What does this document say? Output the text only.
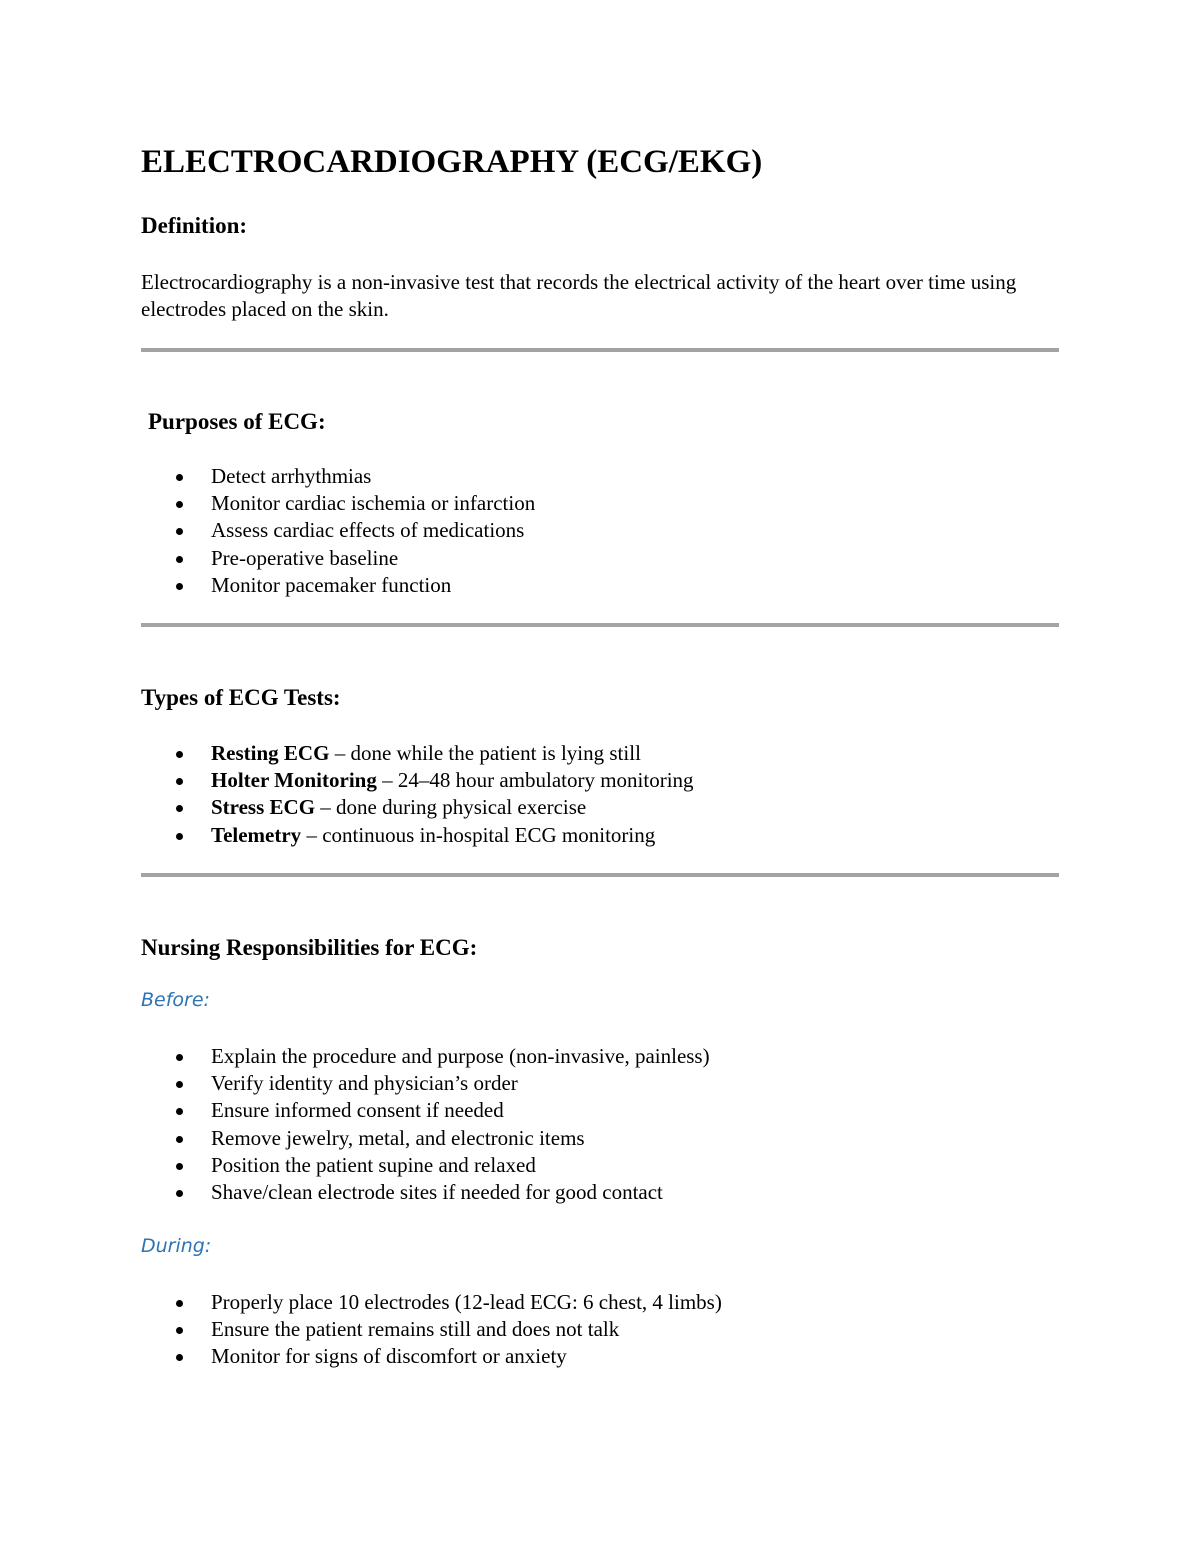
ELECTROCARDIOGRAPHY (ECG/EKG)
Definition:

Electrocardiography is a non-invasive test that records the electrical activity of the heart over time using electrodes placed on the skin.

Purposes of ECG:
Detect arrhythmias
Monitor cardiac ischemia or infarction
Assess cardiac effects of medications
Pre-operative baseline
Monitor pacemaker function
Types of ECG Tests:
Resting ECG – done while the patient is lying still
Holter Monitoring – 24–48 hour ambulatory monitoring
Stress ECG – done during physical exercise
Telemetry – continuous in-hospital ECG monitoring
Nursing Responsibilities for ECG:

Before:

Explain the procedure and purpose (non-invasive, painless)
Verify identity and physician’s order
Ensure informed consent if needed
Remove jewelry, metal, and electronic items
Position the patient supine and relaxed
Shave/clean electrode sites if needed for good contact

During:

Properly place 10 electrodes (12-lead ECG: 6 chest, 4 limbs)
Ensure the patient remains still and does not talk
Monitor for signs of discomfort or anxiety
